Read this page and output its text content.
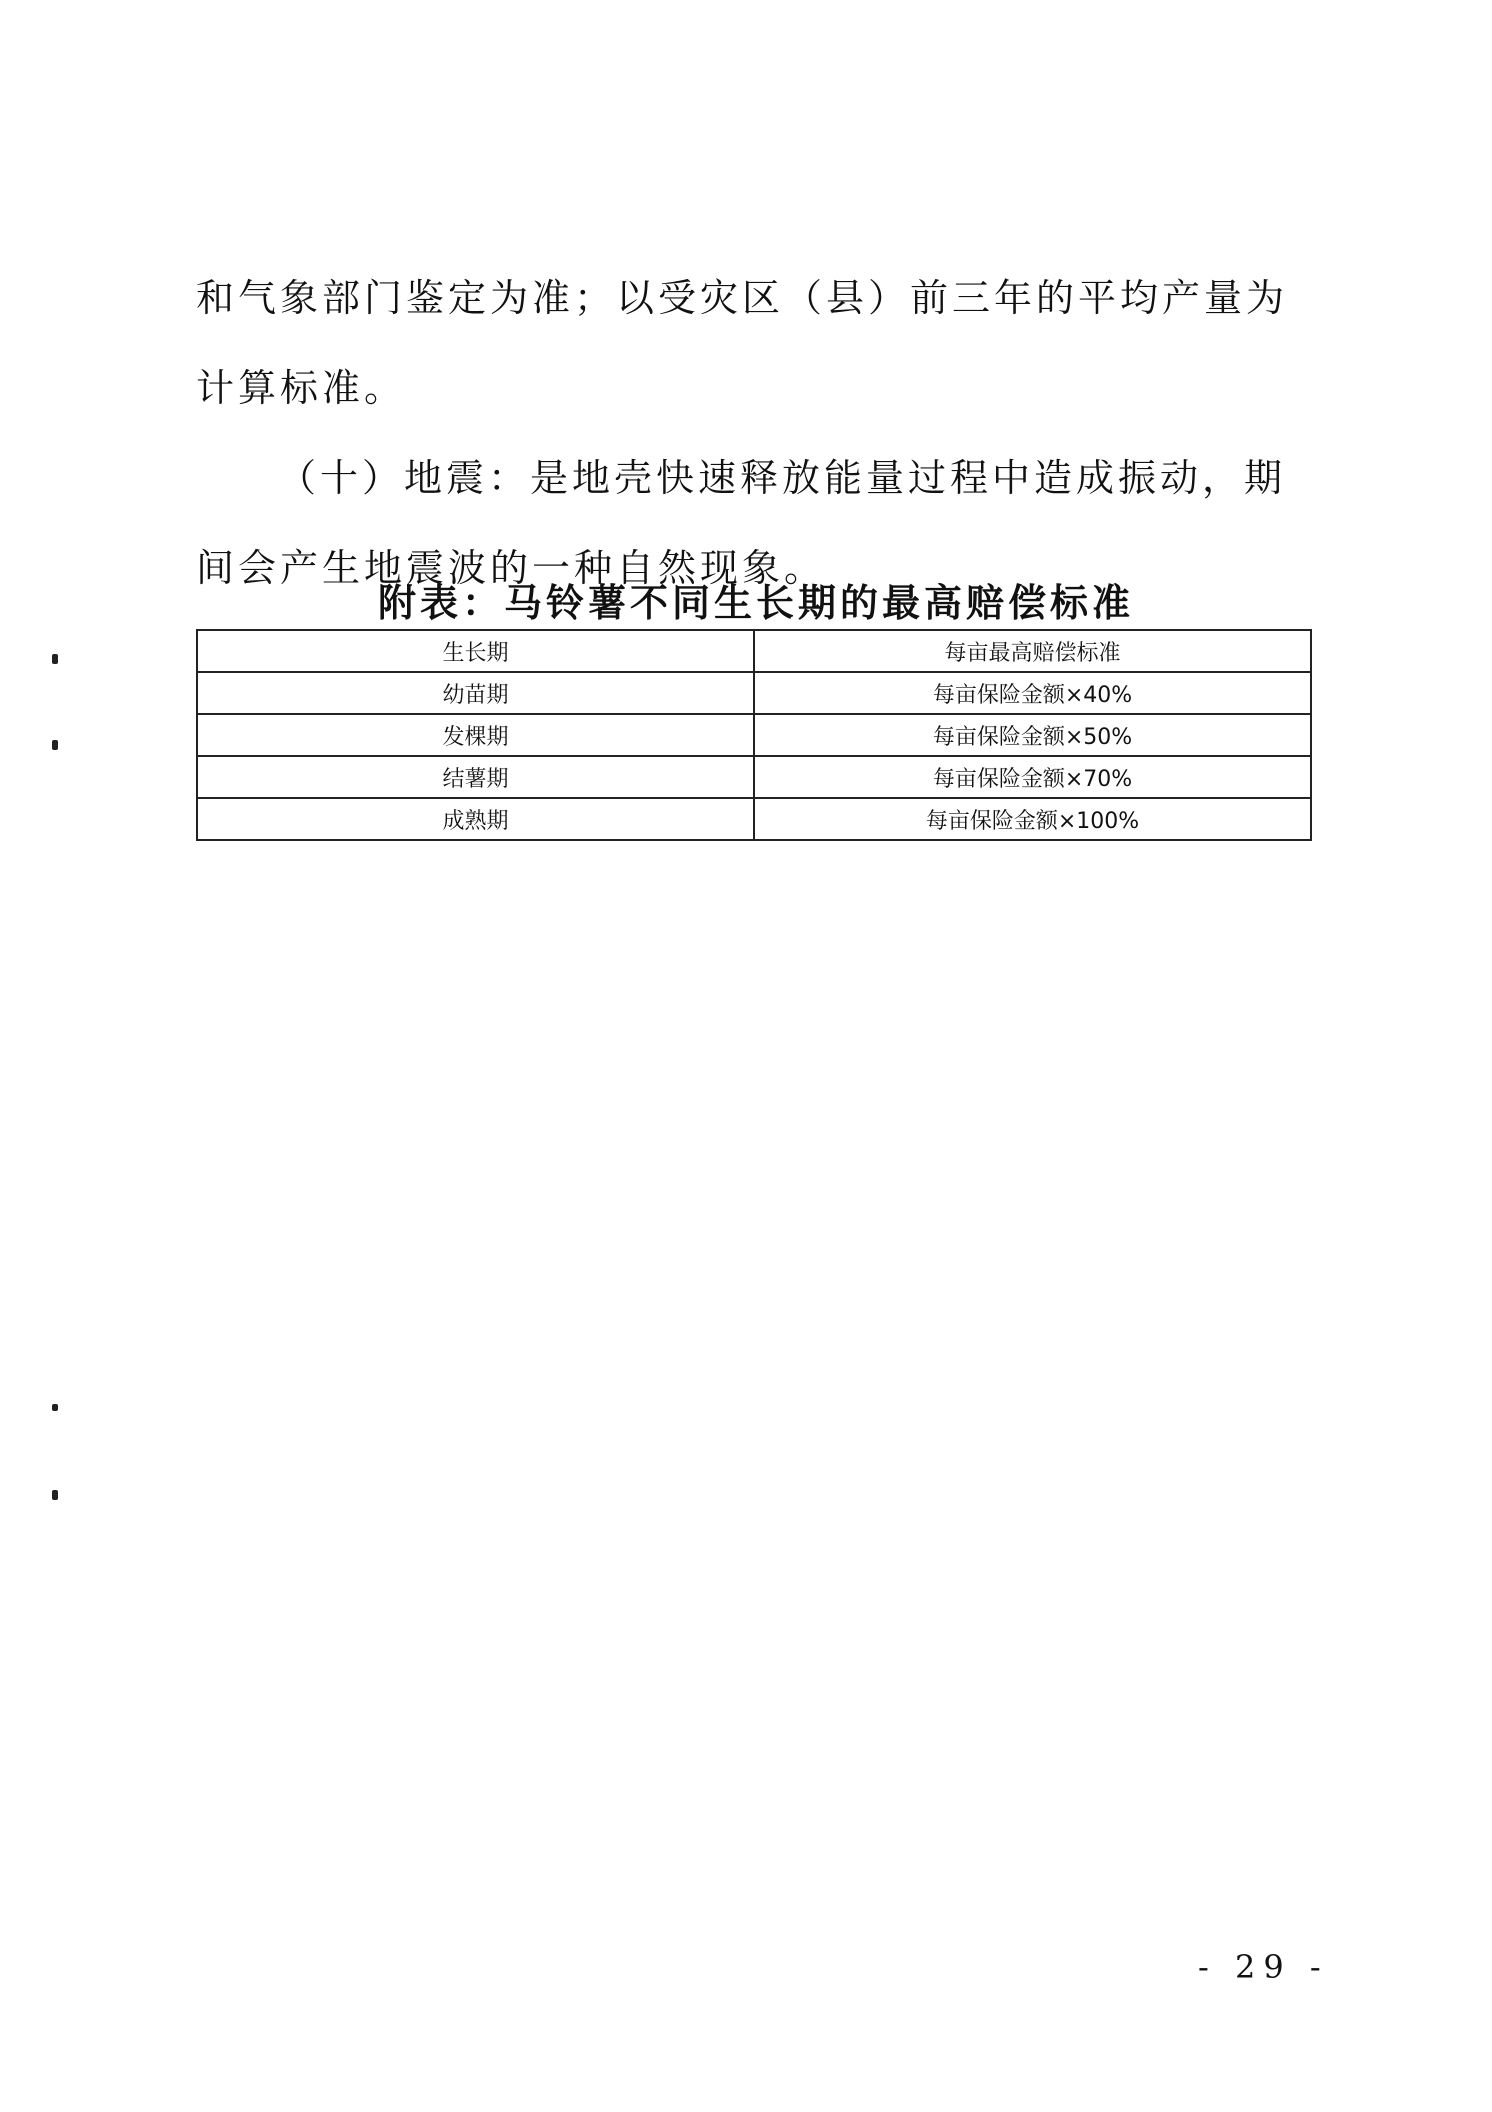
和气象部门鉴定为准；以受灾区（县）前三年的平均产量为计算标准。

（十）地震：是地壳快速释放能量过程中造成振动，期间会产生地震波的一种自然现象。

附表：马铃薯不同生长期的最高赔偿标准

生长期	每亩最高赔偿标准
幼苗期	每亩保险金额×40%
发棵期	每亩保险金额×50%
结薯期	每亩保险金额×70%
成熟期	每亩保险金额×100%

- 29 -
